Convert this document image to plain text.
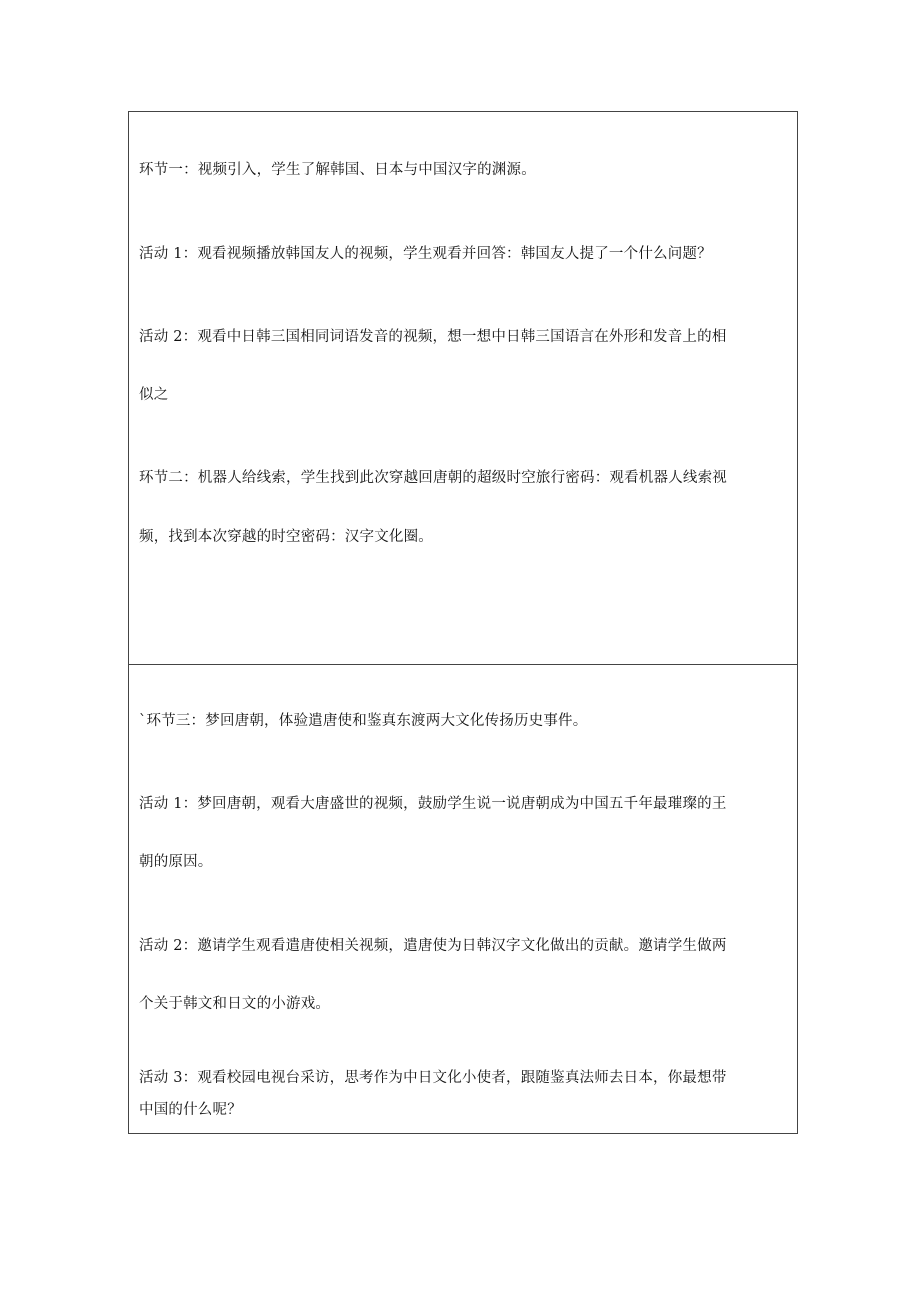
环节一：视频引入，学生了解韩国、日本与中国汉字的渊源。
活动 1：观看视频播放韩国友人的视频，学生观看并回答：韩国友人提了一个什么问题？
活动 2：观看中日韩三国相同词语发音的视频，想一想中日韩三国语言在外形和发音上的相
似之
环节二：机器人给线索，学生找到此次穿越回唐朝的超级时空旅行密码：观看机器人线索视
频，找到本次穿越的时空密码：汉字文化圈。
`环节三：梦回唐朝，体验遣唐使和鉴真东渡两大文化传扬历史事件。
活动 1：梦回唐朝，观看大唐盛世的视频，鼓励学生说一说唐朝成为中国五千年最璀璨的王
朝的原因。
活动 2：邀请学生观看遣唐使相关视频，遣唐使为日韩汉字文化做出的贡献。邀请学生做两
个关于韩文和日文的小游戏。
活动 3：观看校园电视台采访，思考作为中日文化小使者，跟随鉴真法师去日本，你最想带
中国的什么呢？
